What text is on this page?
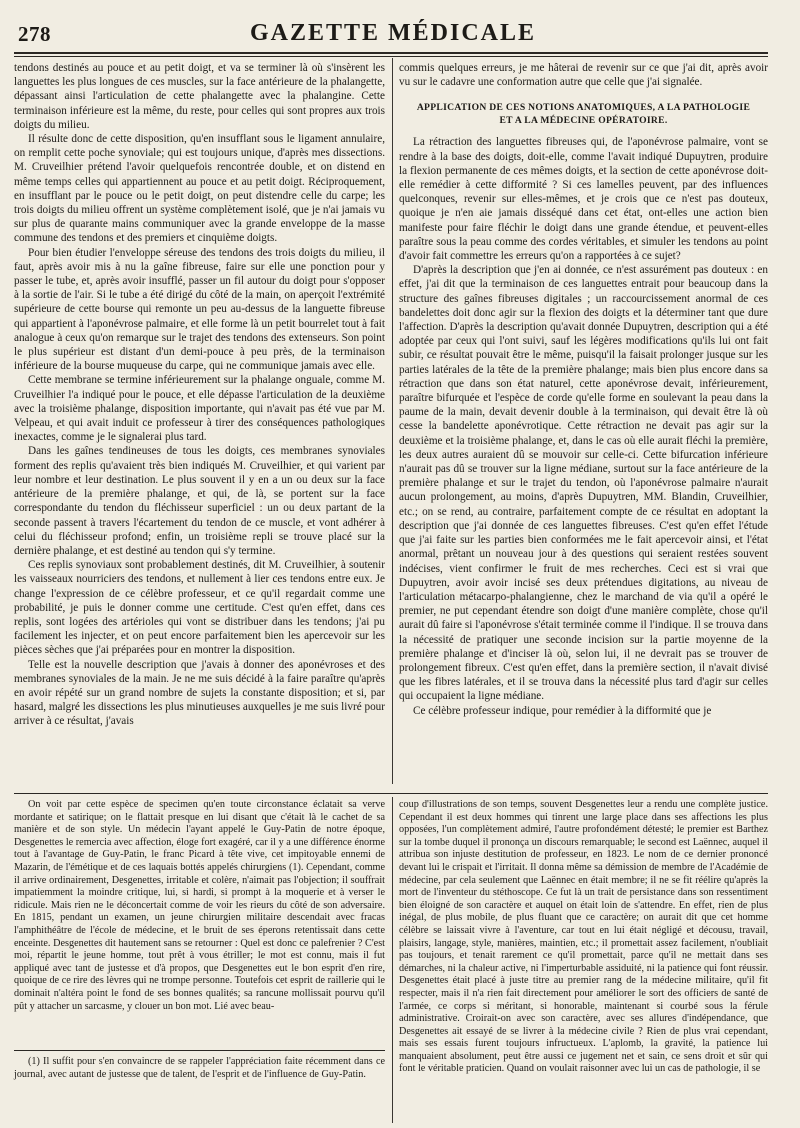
278	GAZETTE MÉDICALE

tendons destinés au pouce et au petit doigt, et va se terminer là où s'insèrent les languettes les plus longues de ces muscles, sur la face antérieure de la phalangette, dépassant ainsi l'articulation de cette phalangette avec la phalangine. Cette terminaison inférieure est la même, du reste, pour celles qui sont propres aux trois doigts du milieu.

Il résulte donc de cette disposition, qu'en insufflant sous le ligament annulaire, on remplit cette poche synoviale; qui est toujours unique, d'après mes dissections. M. Cruveilhier prétend l'avoir quelquefois rencontrée double, et on distend en même temps celles qui appartiennent au pouce et au petit doigt. Réciproquement, en insufflant par le pouce ou le petit doigt, on peut distendre celle du carpe; les trois doigts du milieu offrent un système complètement isolé, que je n'ai jamais vu sur plus de quarante mains communiquer avec la grande enveloppe de la masse commune des tendons et des premiers et cinquième doigts.

Pour bien étudier l'enveloppe séreuse des tendons des trois doigts du milieu, il faut, après avoir mis à nu la gaîne fibreuse, faire sur elle une ponction pour y passer le tube, et, après avoir insufflé, passer un fil autour du doigt pour s'opposer à la sortie de l'air. Si le tube a été dirigé du côté de la main, on aperçoit l'extrémité supérieure de cette bourse qui remonte un peu au-dessus de la languette fibreuse qui appartient à l'aponévrose palmaire, et elle forme là un petit bourrelet tout à fait analogue à ceux qu'on remarque sur le trajet des tendons des extenseurs. Son point le plus supérieur est distant d'un demi-pouce à peu près, de la terminaison inférieure de la bourse muqueuse du carpe, qui ne communique jamais avec elle.

Cette membrane se termine inférieurement sur la phalange onguale, comme M. Cruveilhier l'a indiqué pour le pouce, et elle dépasse l'articulation de la deuxième avec la troisième phalange, disposition importante, qui n'avait pas été vue par M. Velpeau, et qui avait induit ce professeur à tirer des conséquences pathologiques inexactes, comme je le signalerai plus tard.

Dans les gaînes tendineuses de tous les doigts, ces membranes synoviales forment des replis qu'avaient très bien indiqués M. Cruveilhier, et qui varient par leur nombre et leur destination. Le plus souvent il y en a un ou deux sur la face antérieure de la première phalange, et qui, de là, se portent sur la face correspondante du tendon du fléchisseur superficiel : un ou deux partant de la seconde passent à travers l'écartement du tendon de ce muscle, et vont adhérer à celui du fléchisseur profond; enfin, un troisième repli se trouve placé sur la dernière phalange, et est destiné au tendon qui s'y termine.

Ces replis synoviaux sont probablement destinés, dit M. Cruveilhier, à soutenir les vaisseaux nourriciers des tendons, et nullement à lier ces tendons entre eux. Je change l'expression de ce célèbre professeur, et ce qu'il regardait comme une probabilité, je puis le donner comme une certitude. C'est qu'en effet, dans ces replis, sont logées des artérioles qui vont se distribuer dans les tendons; j'ai pu facilement les injecter, et on peut encore parfaitement bien les apercevoir sur les pièces sèches que j'ai préparées pour en montrer la disposition.

Telle est la nouvelle description que j'avais à donner des aponévroses et des membranes synoviales de la main. Je ne me suis décidé à la faire paraître qu'après en avoir répété sur un grand nombre de sujets la constante disposition; et si, par hasard, malgré les dissections les plus minutieuses auxquelles je me suis livré pour arriver à ce résultat, j'avais

commis quelques erreurs, je me hâterai de revenir sur ce que j'ai dit, après avoir vu sur le cadavre une conformation autre que celle que j'ai signalée.

APPLICATION DE CES NOTIONS ANATOMIQUES, A LA PATHOLOGIE ET A LA MÉDECINE OPÉRATOIRE.

La rétraction des languettes fibreuses qui, de l'aponévrose palmaire, vont se rendre à la base des doigts, doit-elle, comme l'avait indiqué Dupuytren, produire la flexion permanente de ces mêmes doigts, et la section de cette aponévrose doit-elle remédier à cette difformité ? Si ces lamelles peuvent, par des influences quelconques, revenir sur elles-mêmes, et je crois que ce n'est pas douteux, quoique je n'en aie jamais disséqué dans cet état, ont-elles une action bien manifeste pour faire fléchir le doigt dans une grande étendue, et peuvent-elles paraître sous la peau comme des cordes véritables, et simuler les tendons au point d'avoir fait commettre les erreurs qu'on a rapportées à ce sujet?

D'après la description que j'en ai donnée, ce n'est assurément pas douteux : en effet, j'ai dit que la terminaison de ces languettes entrait pour beaucoup dans la structure des gaînes fibreuses digitales ; un raccourcissement anormal de ces bandelettes doit donc agir sur la flexion des doigts et la déterminer tant que dure l'affection. D'après la description qu'avait donnée Dupuytren, description qui a été adoptée par ceux qui l'ont suivi, sauf les légères modifications qu'ils lui ont fait subir, ce résultat pouvait être le même, puisqu'il la faisait prolonger jusque sur les parties latérales de la tête de la première phalange; mais bien plus encore dans sa rétraction que dans son état naturel, cette aponévrose devait, inférieurement, paraître bifurquée et l'espèce de corde qu'elle forme en soulevant la peau dans la paume de la main, devait devenir double à la terminaison, qui devait être là où cesse la bandelette aponévrotique. Cette rétraction ne devait pas agir sur la deuxième et la troisième phalange, et, dans le cas où elle aurait fléchi la première, les deux autres auraient dû se mouvoir sur celle-ci. Cette bifurcation inférieure n'aurait pas dû se trouver sur la ligne médiane, surtout sur la face antérieure de la première phalange et sur le trajet du tendon, où l'aponévrose palmaire n'aurait aucun prolongement, au moins, d'après Dupuytren, MM. Blandin, Cruveilhier, etc.; on se rend, au contraire, parfaitement compte de ce résultat en adoptant la description que j'ai donnée de ces languettes fibreuses. C'est qu'en effet l'étude que j'ai faite sur les parties bien conformées me le fait apercevoir ainsi, et l'état anormal, prêtant un nouveau jour à des questions qui seraient restées souvent indécises, vient confirmer le fruit de mes recherches. Ceci est si vrai que Dupuytren, avoir avoir incisé ses deux prétendues digitations, au niveau de l'articulation métacarpo-phalangienne, chez le marchand de via qu'il a opéré le premier, ne put cependant étendre son doigt d'une manière complète, chose qu'il aurait dû faire si l'aponévrose s'était terminée comme il l'indique. Il se trouva dans la nécessité de pratiquer une seconde incision sur la partie moyenne de la première phalange et d'inciser là où, selon lui, il ne devrait pas se trouver de prolongement fibreux. C'est qu'en effet, dans la première section, il n'avait divisé que les fibres latérales, et il se trouva dans la nécessité plus tard d'agir sur celles qui occupaient la ligne médiane.

Ce célèbre professeur indique, pour remédier à la difformité que je

On voit par cette espèce de specimen qu'en toute circonstance éclatait sa verve mordante et satirique; on le flattait presque en lui disant que c'était là le cachet de sa manière et de son style. Un médecin l'ayant appelé le Guy-Patin de notre époque, Desgenettes le remercia avec affection, éloge fort exagéré, car il y a une différence énorme tout à l'avantage de Guy-Patin, le franc Picard à tête vive, cet impitoyable ennemi de Mazarin, de l'émétique et de ces laquais bottés appelés chirurgiens (1). Cependant, comme il arrive ordinairement, Desgenettes, irritable et colère, n'aimait pas l'objection; il souffrait impatiemment la moindre critique, lui, si hardi, si prompt à la moquerie et à verser le ridicule. Mais rien ne le déconcertait comme de voir les rieurs du côté de son adversaire. En 1815, pendant un examen, un jeune chirurgien militaire descendait avec fracas l'amphithéâtre de l'école de médecine, et le bruit de ses éperons retentissait dans cette enceinte. Desgenettes dit hautement sans se retourner : Quel est donc ce palefrenier ? C'est moi, répartit le jeune homme, tout prêt à vous étriller; le mot est connu, mais il fut appliqué avec tant de justesse et d'à propos, que Desgenettes eut le bon esprit d'en rire, quoique de ce rire des lèvres qui ne trompe personne. Toutefois cet esprit de raillerie qui le dominait n'altéra point le fond de ses bonnes qualités; sa rancune mollissait pourvu qu'il pût y attacher un sarcasme, y clouer un bon mot. Lié avec beau-

coup d'illustrations de son temps, souvent Desgenettes leur a rendu une complète justice. Cependant il est deux hommes qui tinrent une large place dans ses affections les plus opposées, l'un complètement admiré, l'autre profondément détesté; le premier est Barthez sur la tombe duquel il prononça un discours remarquable; le second est Laënnec, auquel il attribua son injuste destitution de professeur, en 1823. Le nom de ce dernier prononcé devant lui le crispait et l'irritait. Il donna même sa démission de membre de l'Académie de médecine, par cela seulement que Laënnec en était membre; il ne se fit réélire qu'après la mort de l'inventeur du stéthoscope. Ce fut là un trait de persistance dans son ressentiment bien éloigné de son caractère et auquel on était loin de s'attendre. En effet, rien de plus inégal, de plus mobile, de plus fluant que ce caractère; on aurait dit que cet homme célèbre se laissait vivre à l'aventure, car tout en lui était négligé et décousu, travail, plaisirs, langage, style, manières, maintien, etc.; il promettait assez facilement, n'oubliait pas toujours, et tenait rarement ce qu'il promettait, parce qu'il ne mettait dans ses démarches, ni la chaleur active, ni l'imperturbable assiduité, ni la patience qui font réussir. Desgenettes était placé à juste titre au premier rang de la médecine militaire, qu'il fit respecter, mais il n'a rien fait directement pour améliorer le sort des officiers de santé de l'armée, ce corps si méritant, si honorable, maintenant si courbé sous la férule administrative. Croirait-on avec son caractère, avec ses allures d'indépendance, que Desgenettes ait essayé de se livrer à la médecine civile ? Rien de plus vrai cependant, mais ses essais furent toujours infructueux. L'aplomb, la gravité, la patience lui manquaient absolument, peut être aussi ce jugement net et sain, ce sens droit et sûr qui font le véritable praticien. Quand on voulait raisonner avec lui un cas de pathologie, il se

(1) Il suffit pour s'en convaincre de se rappeler l'appréciation faite récemment dans ce journal, avec autant de justesse que de talent, de l'esprit et de l'influence de Guy-Patin.
